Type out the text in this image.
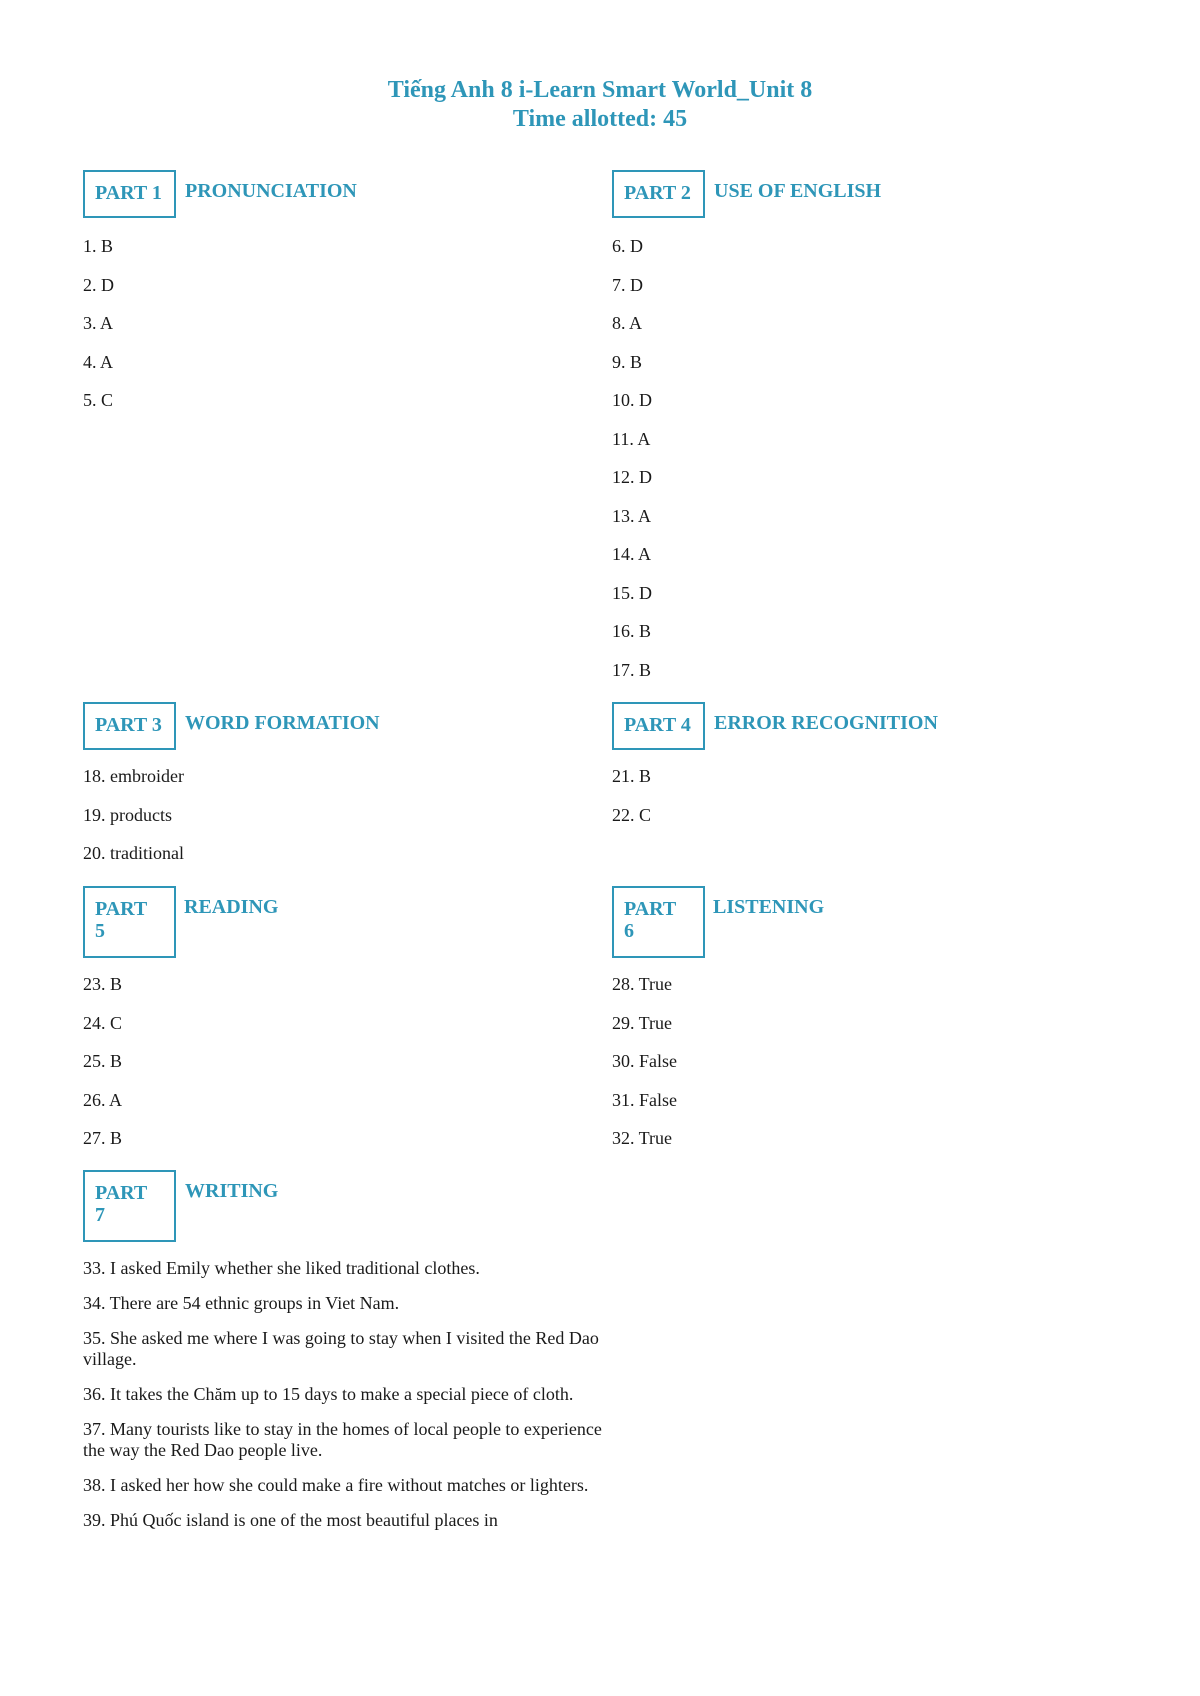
Tiếng Anh 8 i-Learn Smart World_Unit 8
Time allotted: 45
PART 1	PRONUNCIATION
1. B
2. D
3. A
4. A
5. C
PART 2	USE OF ENGLISH
6. D
7. D
8. A
9. B
10. D
11. A
12. D
13. A
14. A
15. D
16. B
17. B
PART 3	WORD FORMATION
18. embroider
19. products
20. traditional
PART 4	ERROR RECOGNITION
21. B
22. C
PART 5
READING
23. B
24. C
25. B
26. A
27. B
PART 6
LISTENING
28. True
29. True
30. False
31. False
32. True
PART 7
WRITING
33. I asked Emily whether she liked traditional clothes.
34. There are 54 ethnic groups in Viet Nam.
35. She asked me where I was going to stay when I visited the Red Dao village.
36. It takes the Chăm up to 15 days to make a special piece of cloth.
37. Many tourists like to stay in the homes of local people to experience the way the Red Dao people live.
38. I asked her how she could make a fire without matches or lighters.
39. Phú Quốc island is one of the most beautiful places in
